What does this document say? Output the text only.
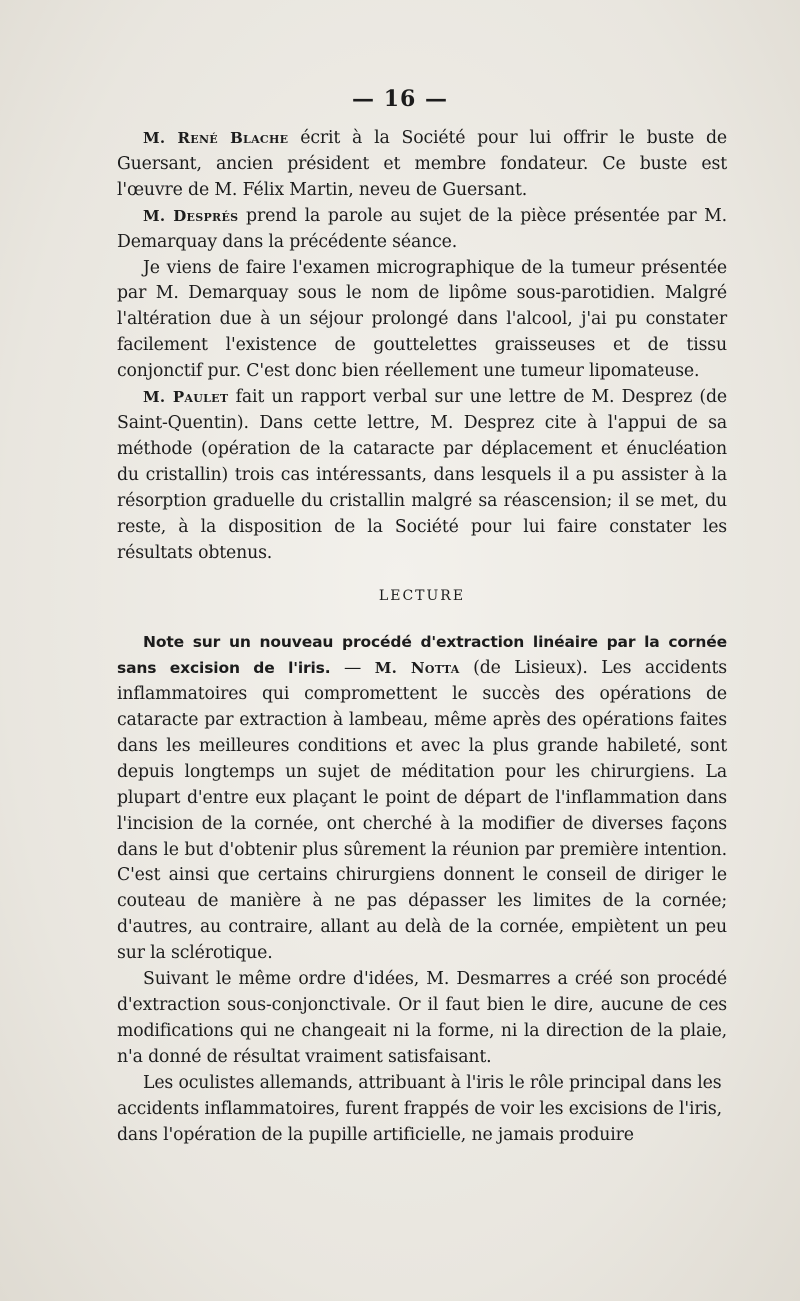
— 16 —

M. René Blache écrit à la Société pour lui offrir le buste de Guersant, ancien président et membre fondateur. Ce buste est l'œuvre de M. Félix Martin, neveu de Guersant.

M. Després prend la parole au sujet de la pièce présentée par M. Demarquay dans la précédente séance.

Je viens de faire l'examen micrographique de la tumeur présentée par M. Demarquay sous le nom de lipôme sous-parotidien. Malgré l'altération due à un séjour prolongé dans l'alcool, j'ai pu constater facilement l'existence de gouttelettes graisseuses et de tissu conjonctif pur. C'est donc bien réellement une tumeur lipomateuse.

M. Paulet fait un rapport verbal sur une lettre de M. Desprez (de Saint-Quentin). Dans cette lettre, M. Desprez cite à l'appui de sa méthode (opération de la cataracte par déplacement et énucléation du cristallin) trois cas intéressants, dans lesquels il a pu assister à la résorption graduelle du cristallin malgré sa réascension; il se met, du reste, à la disposition de la Société pour lui faire constater les résultats obtenus.

LECTURE

Note sur un nouveau procédé d'extraction linéaire par la cornée sans excision de l'iris. — M. Notta (de Lisieux). Les accidents inflammatoires qui compromettent le succès des opérations de cataracte par extraction à lambeau, même après des opérations faites dans les meilleures conditions et avec la plus grande habileté, sont depuis longtemps un sujet de méditation pour les chirurgiens. La plupart d'entre eux plaçant le point de départ de l'inflammation dans l'incision de la cornée, ont cherché à la modifier de diverses façons dans le but d'obtenir plus sûrement la réunion par première intention. C'est ainsi que certains chirurgiens donnent le conseil de diriger le couteau de manière à ne pas dépasser les limites de la cornée; d'autres, au contraire, allant au delà de la cornée, empiètent un peu sur la sclérotique.

Suivant le même ordre d'idées, M. Desmarres a créé son procédé d'extraction sous-conjonctivale. Or il faut bien le dire, aucune de ces modifications qui ne changeait ni la forme, ni la direction de la plaie, n'a donné de résultat vraiment satisfaisant.

Les oculistes allemands, attribuant à l'iris le rôle principal dans les accidents inflammatoires, furent frappés de voir les excisions de l'iris, dans l'opération de la pupille artificielle, ne jamais produire
